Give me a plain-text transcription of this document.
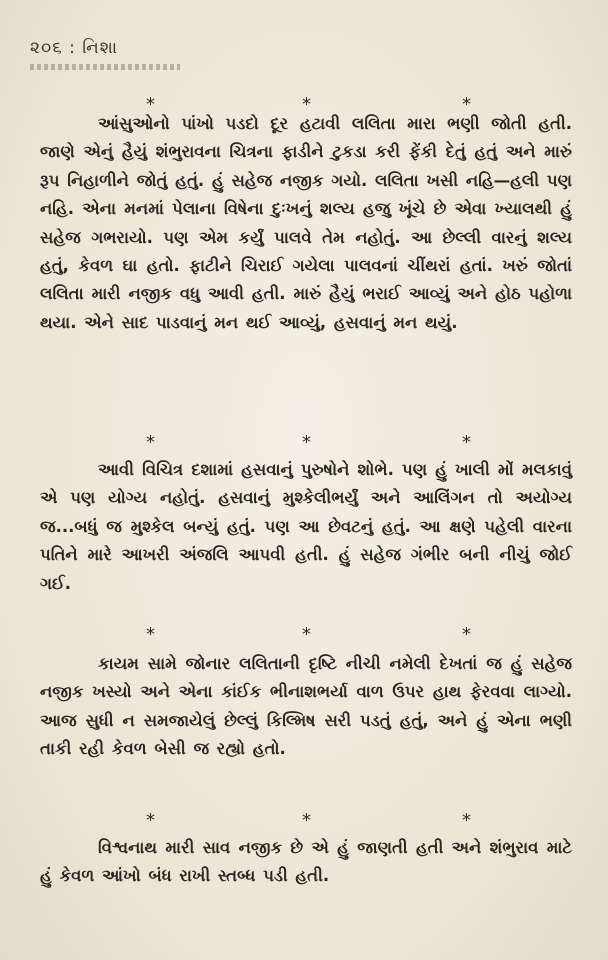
૨૦૬ : નિશા
*	*	*

આંસુઓનો પાંખો પડદો દૂર હટાવી લલિતા મારા ભણી જોતી હતી. જાણે એનું હૈયું શંભુરાવના ચિત્રના ફાડીને ટુકડા કરી ફેંકી દેતું હતું અને મારું રૂપ નિહાળીને જોતું હતું. હું સહેજ નજીક ગયો. લલિતા ખસી નહિ—હલી પણ નહિ. એના મનમાં પેલાના વિષેના દુઃખનું શલ્ય હજુ ખૂંચે છે એવા ખ્યાલથી હું સહેજ ગભરાયો. પણ એમ કર્યું પાલવે તેમ નહોતું. આ છેલ્લી વારનું શલ્ય હતું, કેવળ ઘા હતો. ફાટીને ચિરાઈ ગયેલા પાલવનાં ચીંથરાં હતાં. ખરું જોતાં લલિતા મારી નજીક વધુ આવી હતી. મારું હૈયું ભરાઈ આવ્યું અને હોઠ પહોળા થયા. એને સાદ પાડવાનું મન થઈ આવ્યું, હસવાનું મન થયું.

*	*	*

આવી વિચિત્ર દશામાં હસવાનું પુરુષોને શોભે. પણ હું ખાલી મોં મલકાવું એ પણ યોગ્ય નહોતું. હસવાનું મુશ્કેલીભર્યું અને આલિંગન તો અયોગ્ય જ...બધું જ મુશ્કેલ બન્યું હતું. પણ આ છેવટનું હતું. આ ક્ષણે પહેલી વારના પતિને મારે આખરી અંજલિ આપવી હતી. હું સહેજ ગંભીર બની નીચું જોઈ ગઈ.

*	*	*

કાયમ સામે જોનાર લલિતાની દૃષ્ટિ નીચી નમેલી દેખતાં જ હું સહેજ નજીક ખસ્યો અને એના કાંઈક ભીનાશભર્યા વાળ ઉપર હાથ ફેરવવા લાગ્યો. આજ સુધી ન સમજાયેલું છેલ્લું કિલ્મિષ સરી પડતું હતું, અને હું એના ભણી તાકી રહી કેવળ બેસી જ રહ્યો હતો.

*	*	*

વિશ્વનાથ મારી સાવ નજીક છે એ હું જાણતી હતી અને શંભુરાવ માટે હું કેવળ આંખો બંધ રાખી સ્તબ્ધ પડી હતી.
